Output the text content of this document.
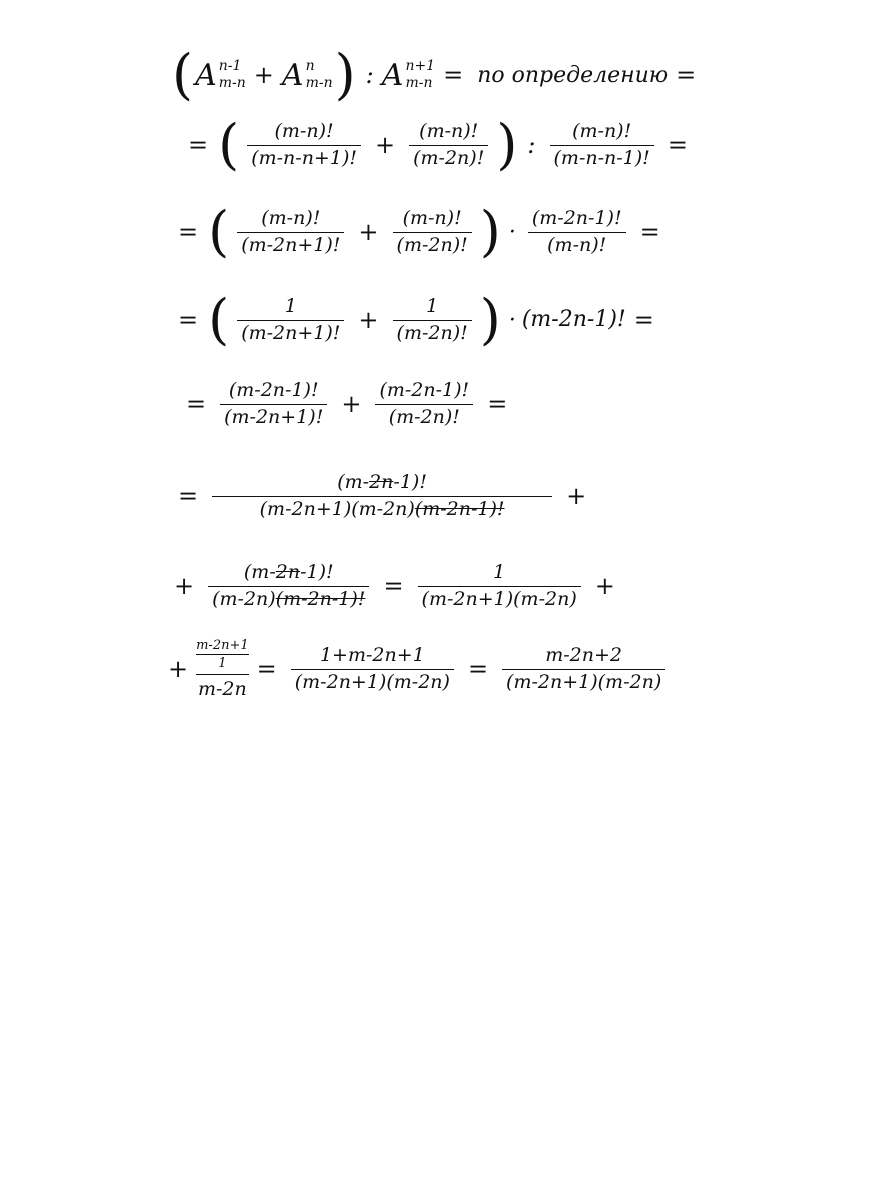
( A n-1
m-n + A n
m-n ) : A n+1
m-n = по определению =
= ( $\frac{(m-n)!}{(m-n-n+1)!} + \frac{(m-n)!}{(m-2n)!}$ ) : $\frac{(m-n)!}{(m-n-n-1)!}$ =
= ( $\frac{(m-n)!}{(m-2n+1)!} + \frac{(m-n)!}{(m-2n)!}$ ) · $\frac{(m-2n-1)!}{(m-n)!}$ =
= ( $\frac{1}{(m-2n+1)!} + \frac{1}{(m-2n)!}$ ) · (m-2n-1)! =
= $\frac{(m-2n-1)!}{(m-2n+1)!} + \frac{(m-2n-1)!}{(m-2n)!}$ =
= $\frac{(m-2n-1)!}{(m-2n+1)(m-2n)(m-2n-1)!}$ +
+ $\frac{(m-2n-1)!}{(m-2n)(m-2n-1)!} = \frac{1}{(m-2n+1)(m-2n)}$ +
+
m-2n+1
1
m-2n
= $\frac{1+m-2n+1}{(m-2n+1)(m-2n)} = \frac{m-2n+2}{(m-2n+1)(m-2n)}$
